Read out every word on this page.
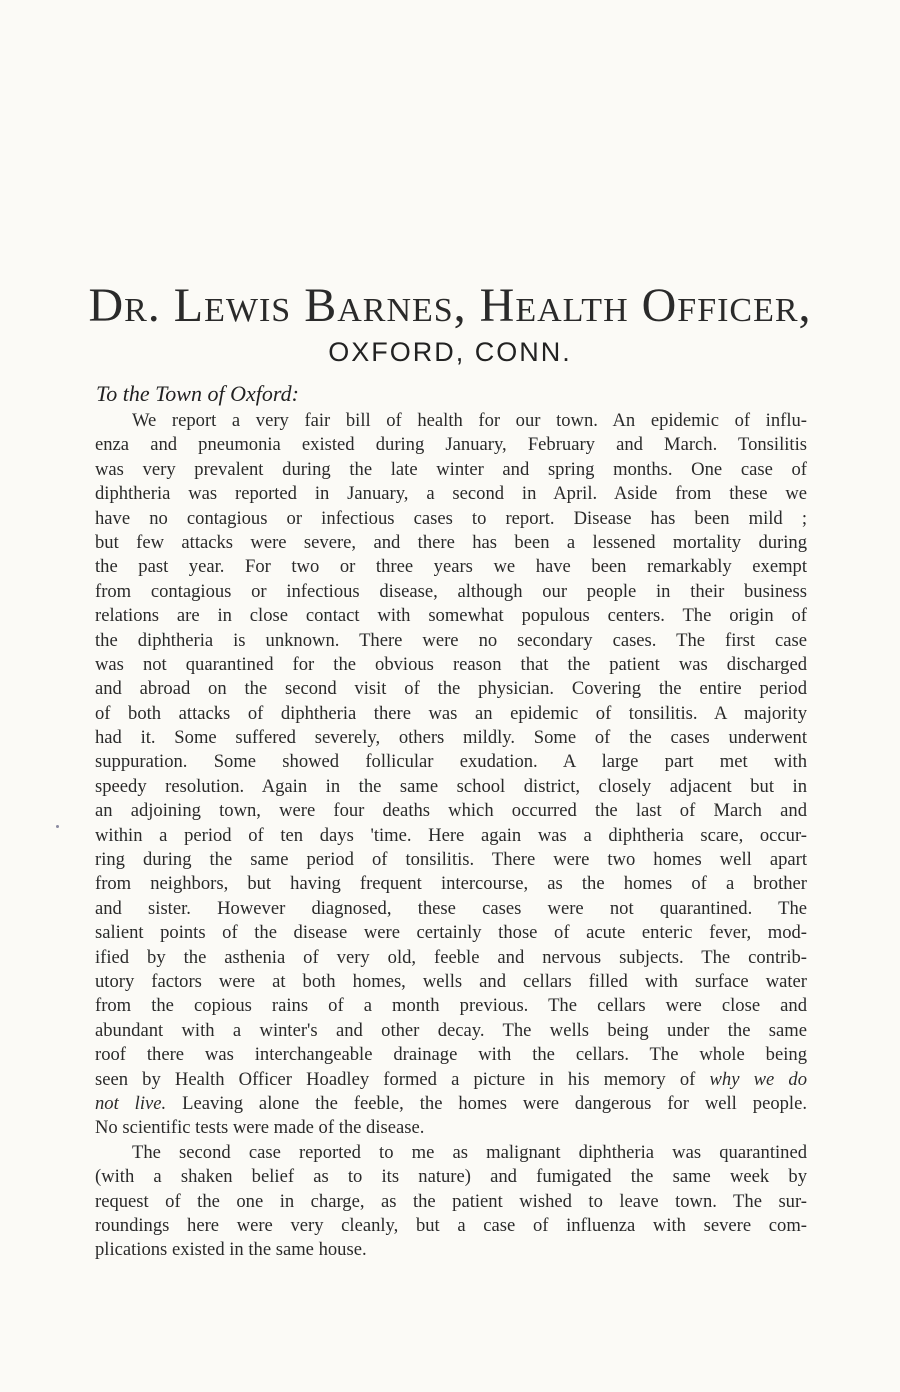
Dr. Lewis Barnes, Health Officer,
OXFORD, CONN.

To the Town of Oxford:

We report a very fair bill of health for our town. An epidemic of influ-
enza and pneumonia existed during January, February and March. Tonsilitis
was very prevalent during the late winter and spring months. One case of
diphtheria was reported in January, a second in April. Aside from these we
have no contagious or infectious cases to report. Disease has been mild ;
but few attacks were severe, and there has been a lessened mortality during
the past year. For two or three years we have been remarkably exempt
from contagious or infectious disease, although our people in their business
relations are in close contact with somewhat populous centers. The origin of
the diphtheria is unknown. There were no secondary cases. The first case
was not quarantined for the obvious reason that the patient was discharged
and abroad on the second visit of the physician. Covering the entire period
of both attacks of diphtheria there was an epidemic of tonsilitis. A majority
had it. Some suffered severely, others mildly. Some of the cases underwent
suppuration. Some showed follicular exudation. A large part met with
speedy resolution. Again in the same school district, closely adjacent but in
an adjoining town, were four deaths which occurred the last of March and
within a period of ten days 'time. Here again was a diphtheria scare, occur-
ring during the same period of tonsilitis. There were two homes well apart
from neighbors, but having frequent intercourse, as the homes of a brother
and sister. However diagnosed, these cases were not quarantined. The
salient points of the disease were certainly those of acute enteric fever, mod-
ified by the asthenia of very old, feeble and nervous subjects. The contrib-
utory factors were at both homes, wells and cellars filled with surface water
from the copious rains of a month previous. The cellars were close and
abundant with a winter's and other decay. The wells being under the same
roof there was interchangeable drainage with the cellars. The whole being
seen by Health Officer Hoadley formed a picture in his memory of why we do
not live. Leaving alone the feeble, the homes were dangerous for well people.
No scientific tests were made of the disease.
The second case reported to me as malignant diphtheria was quarantined
(with a shaken belief as to its nature) and fumigated the same week by
request of the one in charge, as the patient wished to leave town. The sur-
roundings here were very cleanly, but a case of influenza with severe com-
plications existed in the same house.
